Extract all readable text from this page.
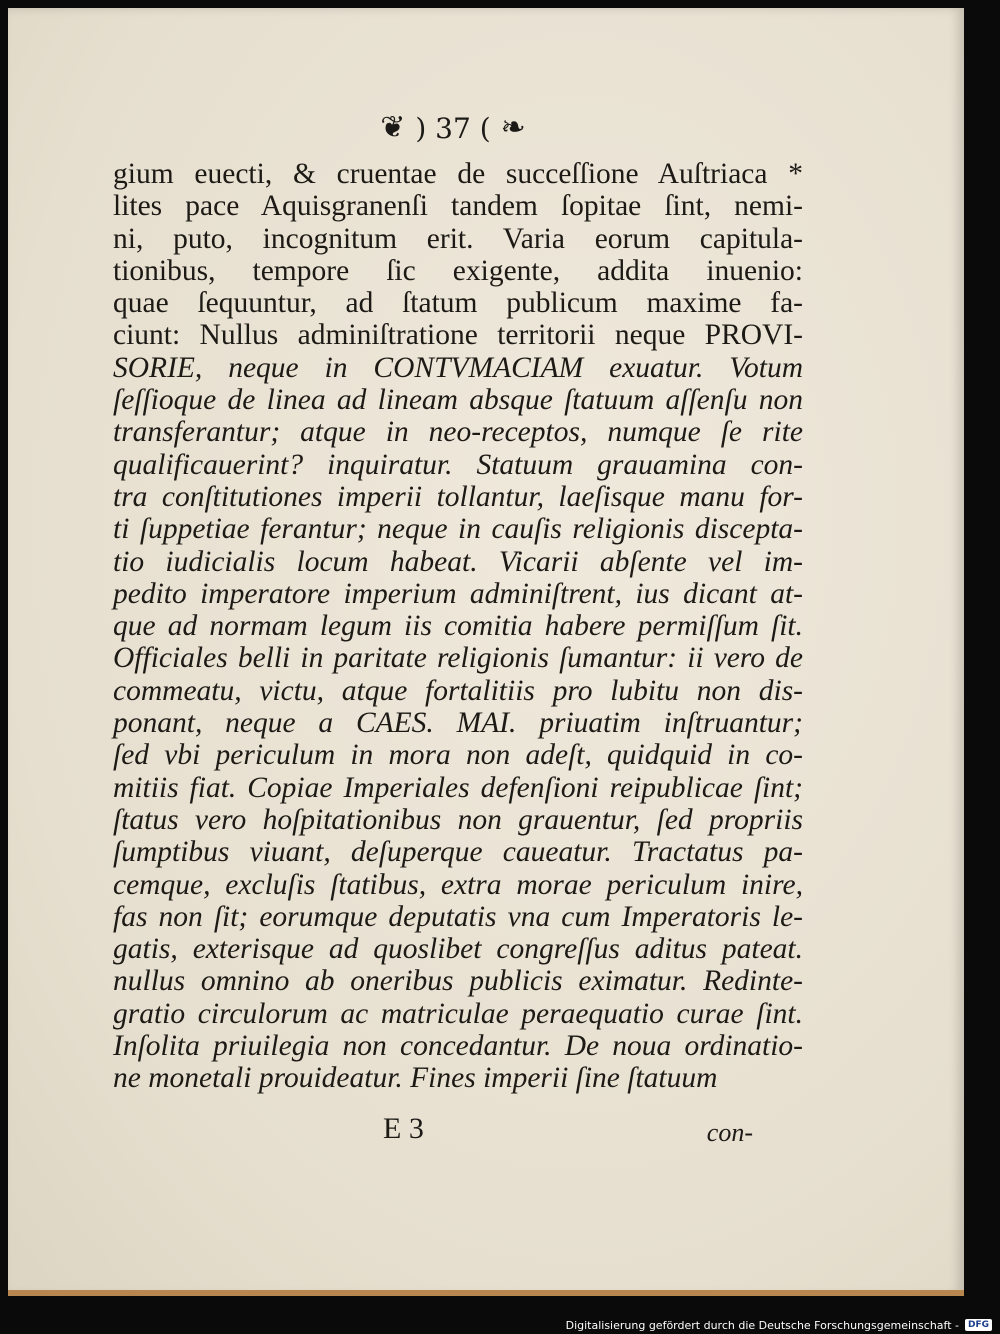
❦ ) 37 ( ❧
gium euecti, & cruentae de succeſſione Auſtriaca *
lites pace Aquisgranenſi tandem ſopitae ſint, nemi-
ni, puto, incognitum erit. Varia eorum capitula-
tionibus, tempore ſic exigente, addita inuenio:
quae ſequuntur, ad ſtatum publicum maxime fa-
ciunt: Nullus adminiſtratione territorii neque PROVI-
SORIE, neque in CONTVMACIAM exuatur. Votum
ſeſſioque de linea ad lineam absque ſtatuum aſſenſu non
transferantur; atque in neo-receptos, numque ſe rite
qualificauerint? inquiratur. Statuum grauamina con-
tra conſtitutiones imperii tollantur, laeſisque manu for-
ti ſuppetiae ferantur; neque in cauſis religionis discepta-
tio iudicialis locum habeat. Vicarii abſente vel im-
pedito imperatore imperium adminiſtrent, ius dicant at-
que ad normam legum iis comitia habere permiſſum ſit.
Officiales belli in paritate religionis ſumantur: ii vero de
commeatu, victu, atque fortalitiis pro lubitu non dis-
ponant, neque a CAES. MAI. priuatim inſtruantur;
ſed vbi periculum in mora non adeſt, quidquid in co-
mitiis fiat. Copiae Imperiales defenſioni reipublicae ſint;
ſtatus vero hoſpitationibus non grauentur, ſed propriis
ſumptibus viuant, deſuperque caueatur. Tractatus pa-
cemque, excluſis ſtatibus, extra morae periculum inire,
fas non ſit; eorumque deputatis vna cum Imperatoris le-
gatis, exterisque ad quoslibet congreſſus aditus pateat.
nullus omnino ab oneribus publicis eximatur. Redinte-
gratio circulorum ac matriculae peraequatio curae ſint.
Inſolita priuilegia non concedantur. De noua ordinatio-
ne monetali prouideatur. Fines imperii ſine ſtatuum
E 3	con-
Digitalisierung gefördert durch die Deutsche Forschungsgemeinschaft -	DFG
